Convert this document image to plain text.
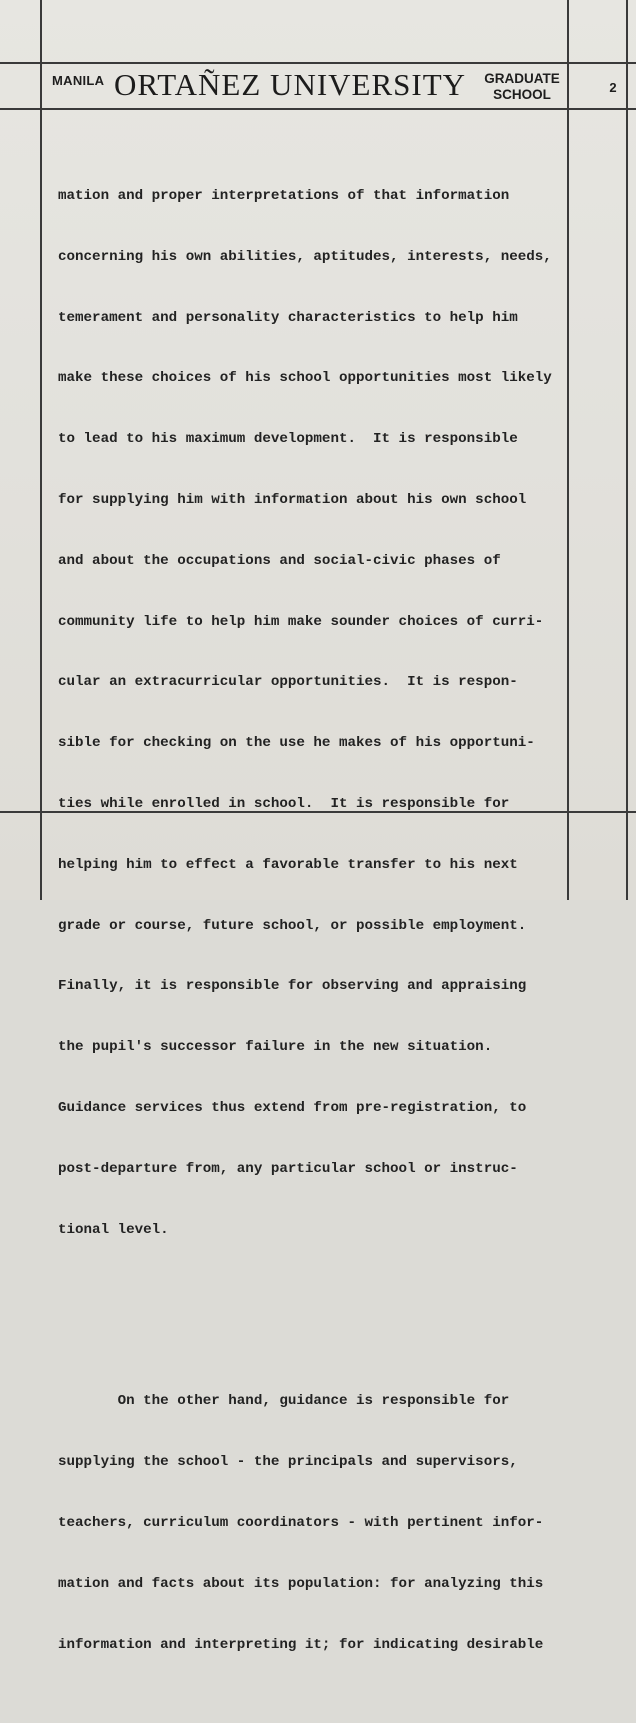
MANILA ORTAÑEZ UNIVERSITY GRADUATE
SCHOOL	2

mation and proper interpretations of that information

concerning his own abilities, aptitudes, interests, needs,

temerament and personality characteristics to help him

make these choices of his school opportunities most likely

to lead to his maximum development.  It is responsible

for supplying him with information about his own school

and about the occupations and social-civic phases of

community life to help him make sounder choices of curri-

cular an extracurricular opportunities.  It is respon-

sible for checking on the use he makes of his opportuni-

ties while enrolled in school.  It is responsible for

helping him to effect a favorable transfer to his next

grade or course, future school, or possible employment.

Finally, it is responsible for observing and appraising

the pupil's successor failure in the new situation.

Guidance services thus extend from pre-registration, to

post-departure from, any particular school or instruc-

tional level.

On the other hand, guidance is responsible for

supplying the school - the principals and supervisors,

teachers, curriculum coordinators - with pertinent infor-

mation and facts about its population: for analyzing this

information and interpreting it; for indicating desirable
